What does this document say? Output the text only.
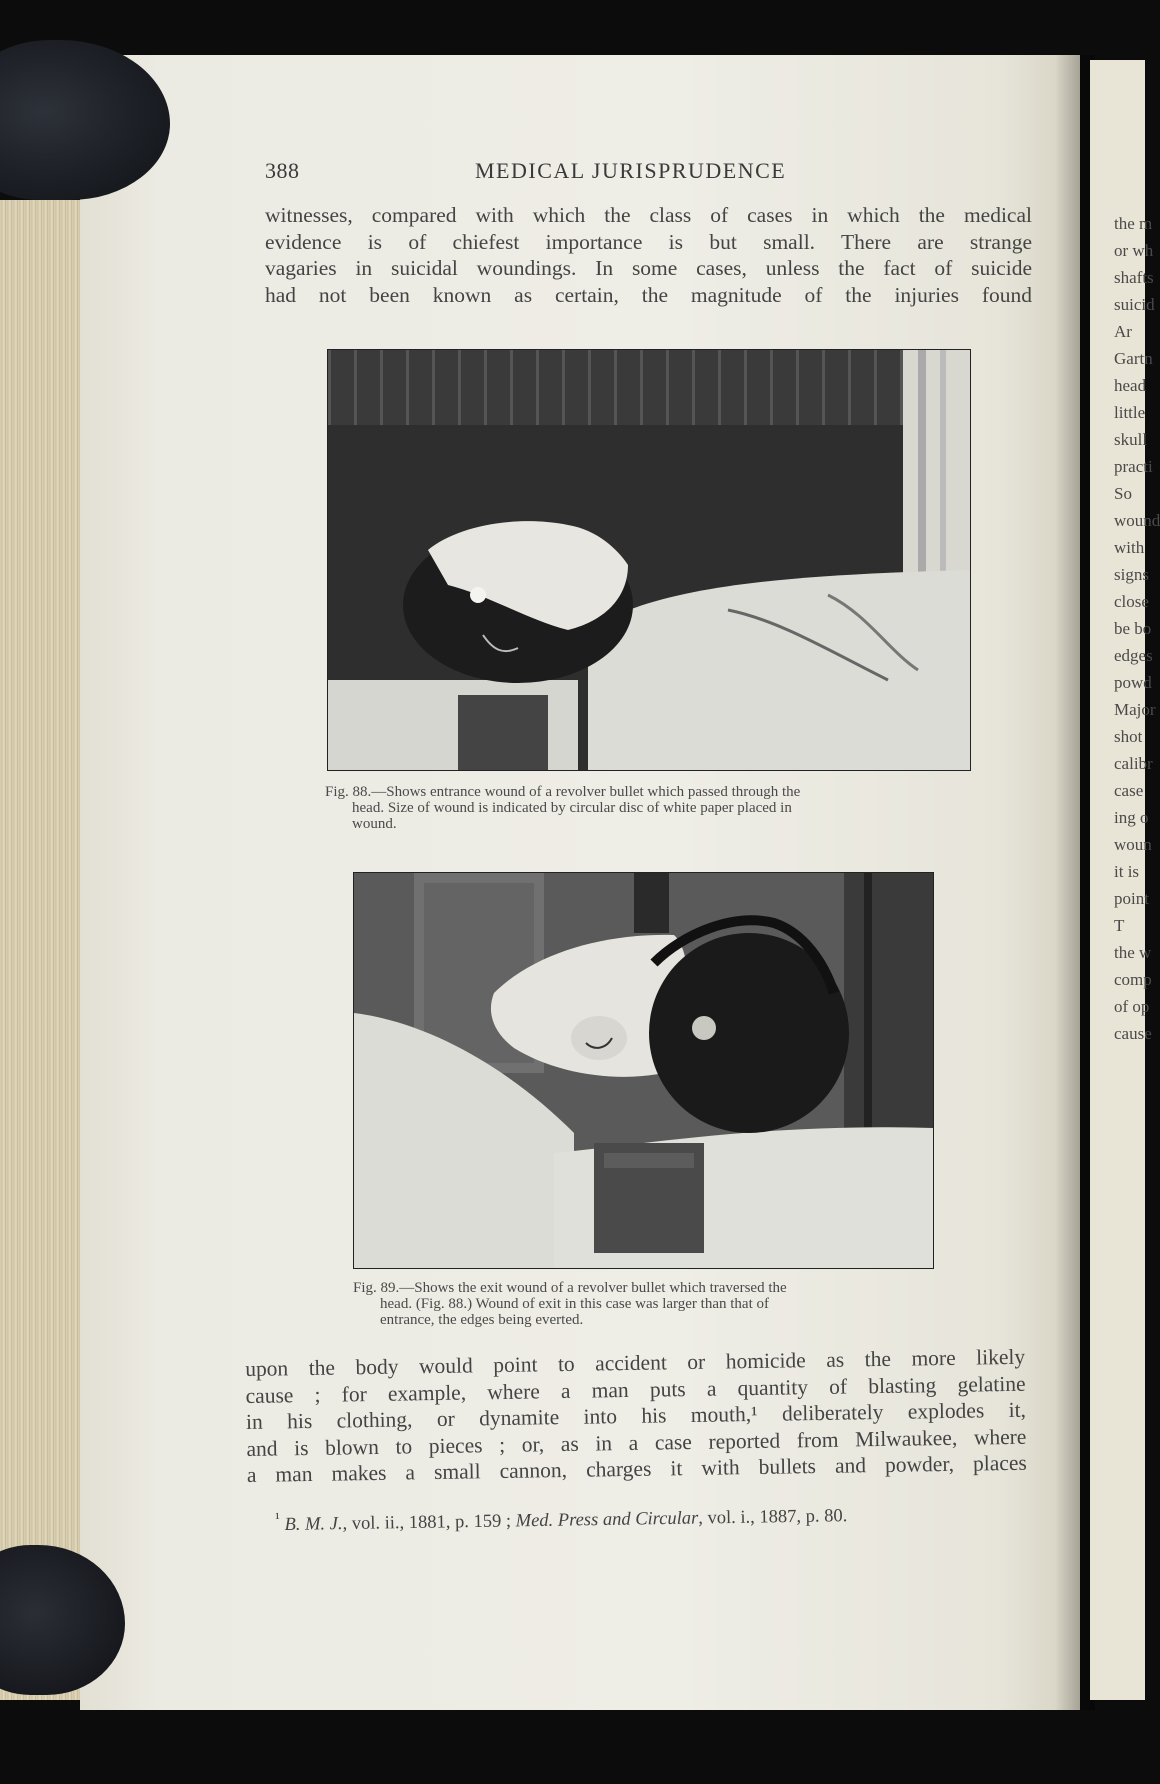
the m
or wh
shafts
suicid
Ar
Gartn
head
little
skull
practi
So
wound
with
signs
close
be bo
edges
powd
Major
shot
calibr
case
ing o
woun
it is
point
T
the w
comp
of op
cause
388	MEDICAL JURISPRUDENCE
witnesses, compared with which the class of cases in which the medical
evidence is of chiefest importance is but small. There are strange
vagaries in suicidal woundings. In some cases, unless the fact of suicide
had not been known as certain, the magnitude of the injuries found
Fig. 88.—Shows entrance wound of a revolver bullet which passed through the
head. Size of wound is indicated by circular disc of white paper placed in
wound.
Fig. 89.—Shows the exit wound of a revolver bullet which traversed the
head. (Fig. 88.) Wound of exit in this case was larger than that of
entrance, the edges being everted.
upon the body would point to accident or homicide as the more likely
cause ; for example, where a man puts a quantity of blasting gelatine
in his clothing, or dynamite into his mouth,¹ deliberately explodes it,
and is blown to pieces ; or, as in a case reported from Milwaukee, where
a man makes a small cannon, charges it with bullets and powder, places
$^{^1}$ B. M. J., vol. ii., 1881, p. 159 ; Med. Press and Circular, vol. i., 1887, p. 80.
